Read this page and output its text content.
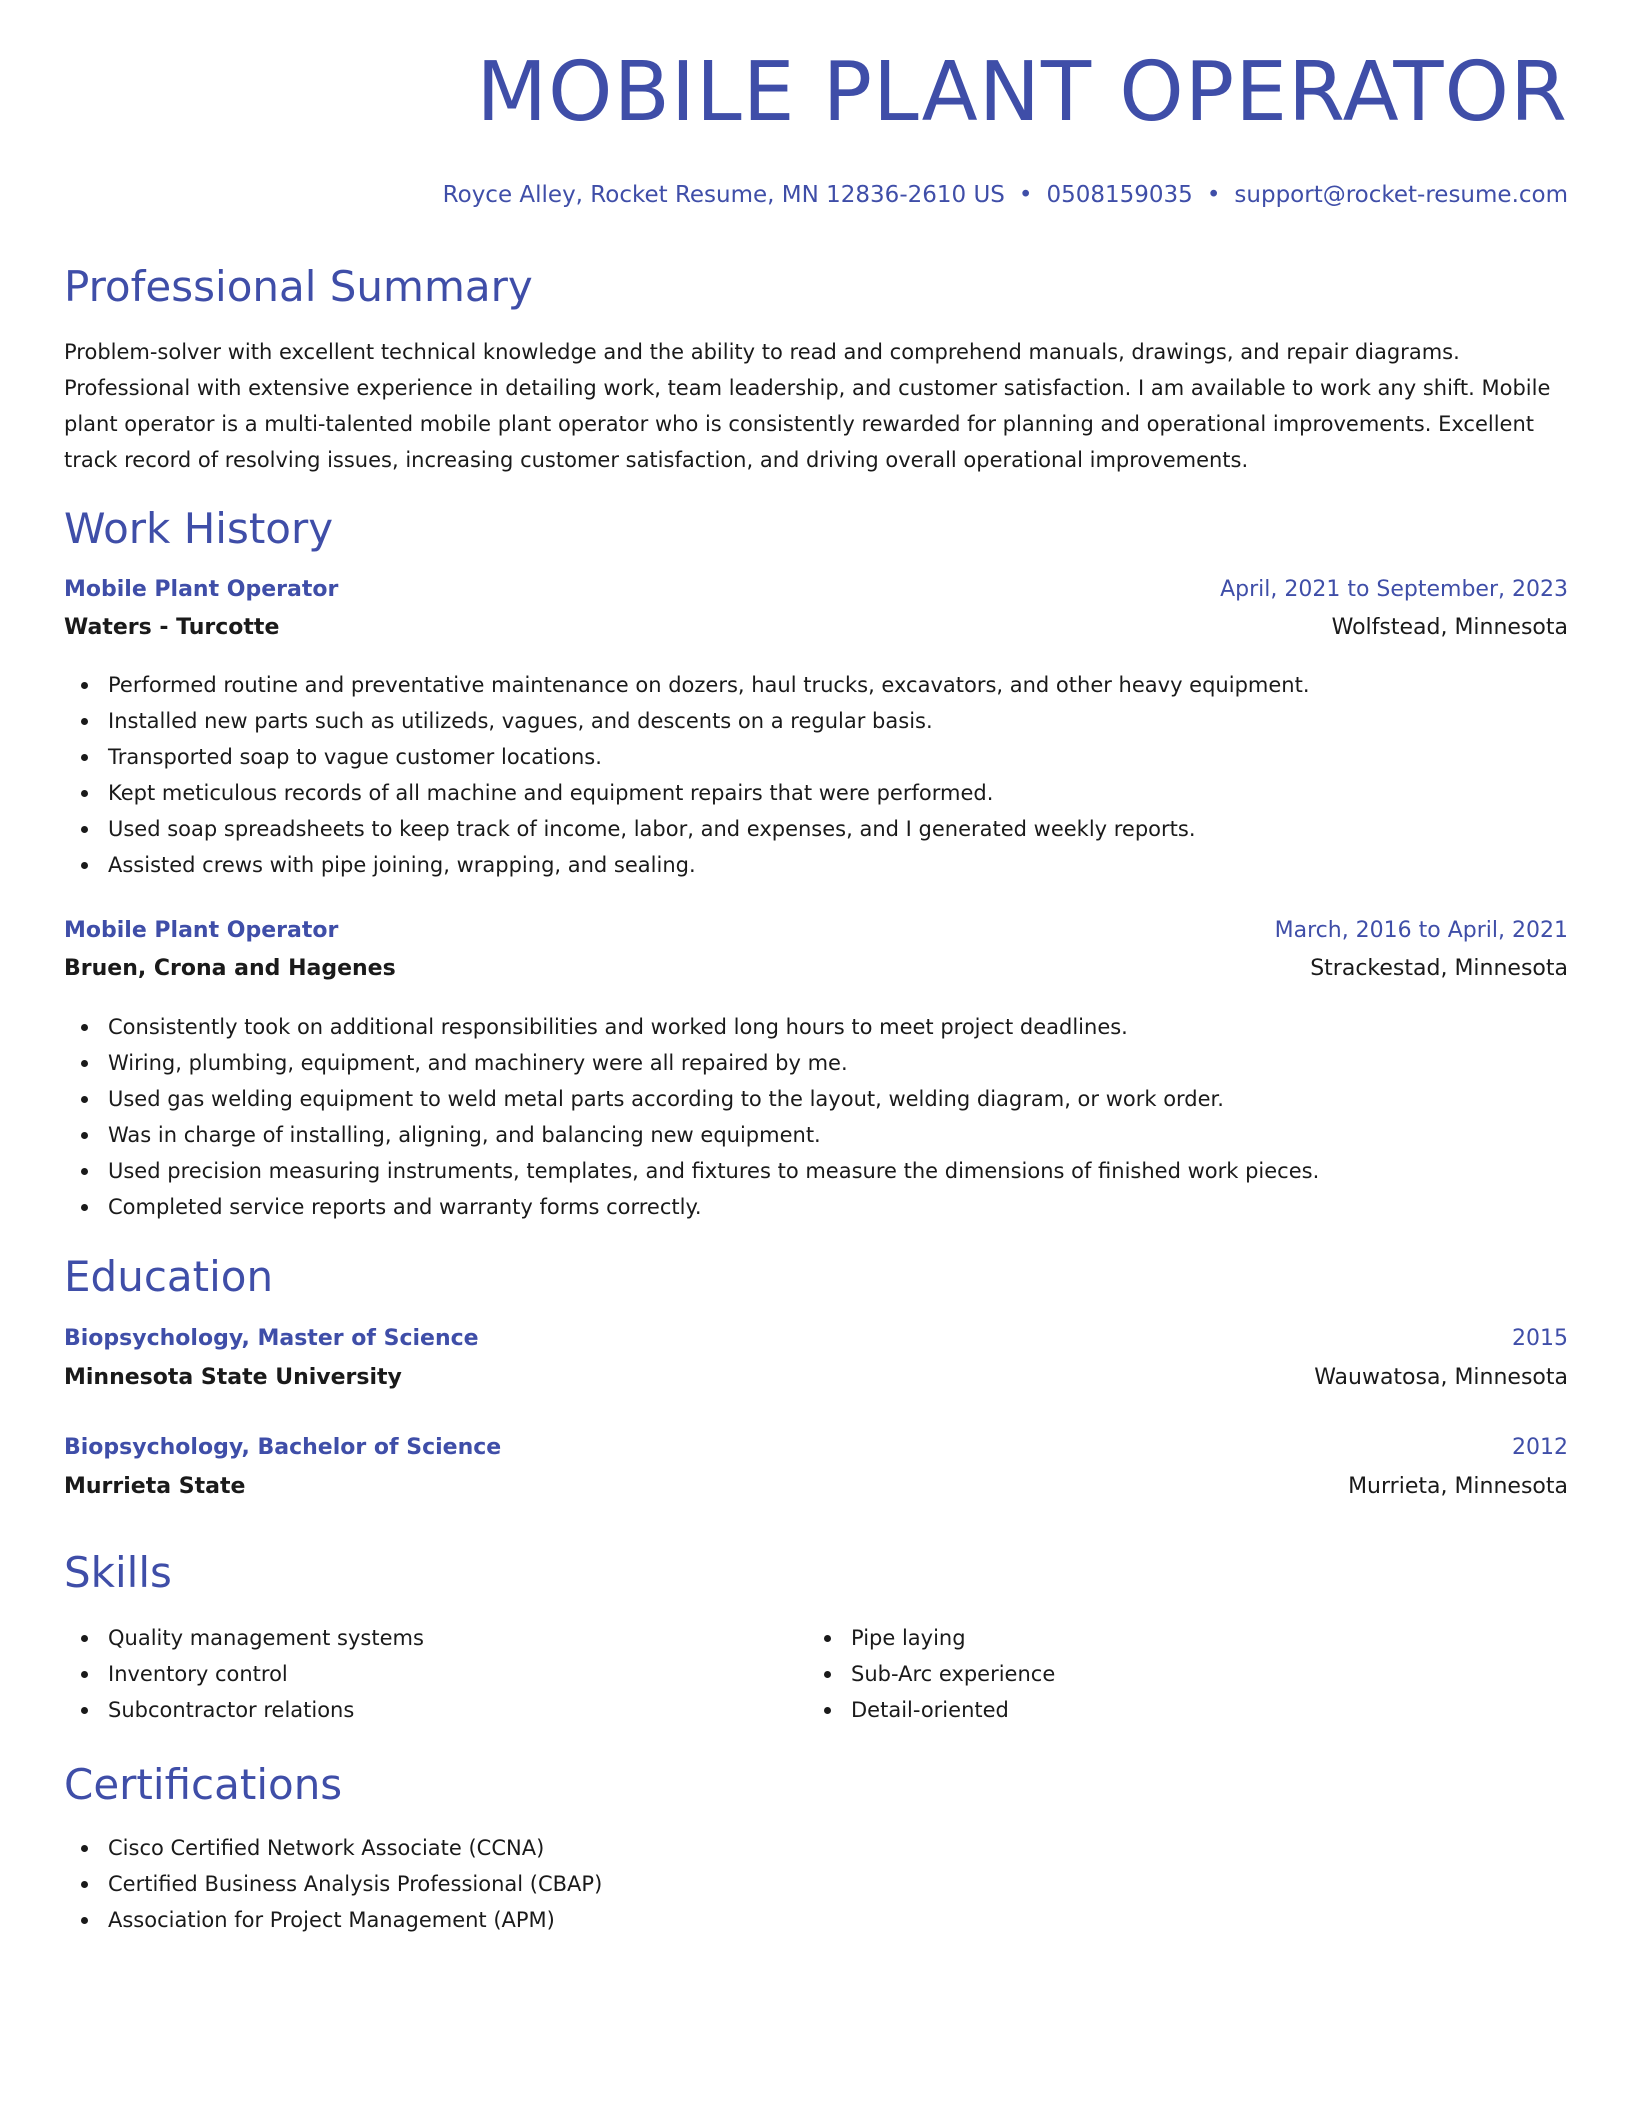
MOBILE PLANT OPERATOR
Royce Alley, Rocket Resume, MN 12836-2610 US • 0508159035 • support@rocket-resume.com
Professional Summary

Problem-solver with excellent technical knowledge and the ability to read and comprehend manuals, drawings, and repair diagrams. Professional with extensive experience in detailing work, team leadership, and customer satisfaction. I am available to work any shift. Mobile plant operator is a multi-talented mobile plant operator who is consistently rewarded for planning and operational improvements. Excellent track record of resolving issues, increasing customer satisfaction, and driving overall operational improvements.

Work History
Mobile Plant Operator	April, 2021 to September, 2023
Waters - Turcotte	Wolfstead, Minnesota
Performed routine and preventative maintenance on dozers, haul trucks, excavators, and other heavy equipment.
Installed new parts such as utilizeds, vagues, and descents on a regular basis.
Transported soap to vague customer locations.
Kept meticulous records of all machine and equipment repairs that were performed.
Used soap spreadsheets to keep track of income, labor, and expenses, and I generated weekly reports.
Assisted crews with pipe joining, wrapping, and sealing.
Mobile Plant Operator	March, 2016 to April, 2021
Bruen, Crona and Hagenes	Strackestad, Minnesota
Consistently took on additional responsibilities and worked long hours to meet project deadlines.
Wiring, plumbing, equipment, and machinery were all repaired by me.
Used gas welding equipment to weld metal parts according to the layout, welding diagram, or work order.
Was in charge of installing, aligning, and balancing new equipment.
Used precision measuring instruments, templates, and fixtures to measure the dimensions of finished work pieces.
Completed service reports and warranty forms correctly.
Education
Biopsychology, Master of Science	2015
Minnesota State University	Wauwatosa, Minnesota
Biopsychology, Bachelor of Science	2012
Murrieta State	Murrieta, Minnesota
Skills
Quality management systems
Inventory control
Subcontractor relations
Pipe laying
Sub-Arc experience
Detail-oriented
Certifications
Cisco Certified Network Associate (CCNA)
Certified Business Analysis Professional (CBAP)
Association for Project Management (APM)
